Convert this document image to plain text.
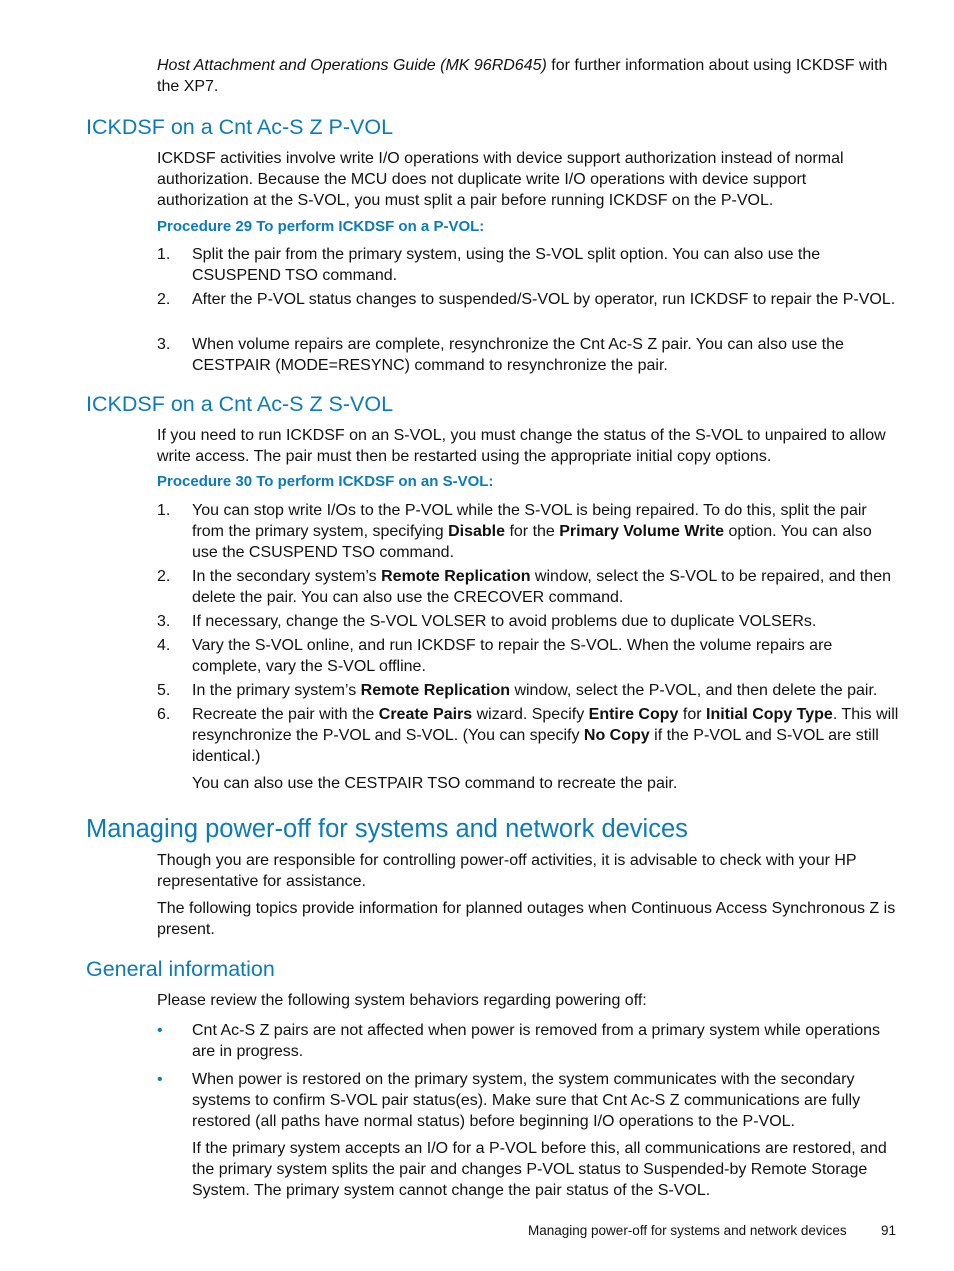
Host Attachment and Operations Guide (MK 96RD645) for further information about using ICKDSF with the XP7.

ICKDSF on a Cnt Ac-S Z P-VOL

ICKDSF activities involve write I/O operations with device support authorization instead of normal authorization. Because the MCU does not duplicate write I/O operations with device support authorization at the S-VOL, you must split a pair before running ICKDSF on the P-VOL.

Procedure 29 To perform ICKDSF on a P-VOL:
1. Split the pair from the primary system, using the S-VOL split option. You can also use the CSUSPEND TSO command.
2. After the P-VOL status changes to suspended/S-VOL by operator, run ICKDSF to repair the P-VOL.
3. When volume repairs are complete, resynchronize the Cnt Ac-S Z pair. You can also use the CESTPAIR (MODE=RESYNC) command to resynchronize the pair.
ICKDSF on a Cnt Ac-S Z S-VOL

If you need to run ICKDSF on an S-VOL, you must change the status of the S-VOL to unpaired to allow write access. The pair must then be restarted using the appropriate initial copy options.

Procedure 30 To perform ICKDSF on an S-VOL:
1. You can stop write I/Os to the P-VOL while the S-VOL is being repaired. To do this, split the pair from the primary system, specifying Disable for the Primary Volume Write option. You can also use the CSUSPEND TSO command.
2. In the secondary system’s Remote Replication window, select the S-VOL to be repaired, and then delete the pair. You can also use the CRECOVER command.
3. If necessary, change the S-VOL VOLSER to avoid problems due to duplicate VOLSERs.
4. Vary the S-VOL online, and run ICKDSF to repair the S-VOL. When the volume repairs are complete, vary the S-VOL offline.
5. In the primary system’s Remote Replication window, select the P-VOL, and then delete the pair.
6. Recreate the pair with the Create Pairs wizard. Specify Entire Copy for Initial Copy Type. This will resynchronize the P-VOL and S-VOL. (You can specify No Copy if the P-VOL and S-VOL are still identical.)

You can also use the CESTPAIR TSO command to recreate the pair.

Managing power-off for systems and network devices

Though you are responsible for controlling power-off activities, it is advisable to check with your HP representative for assistance.

The following topics provide information for planned outages when Continuous Access Synchronous Z is present.

General information

Please review the following system behaviors regarding powering off:

• Cnt Ac-S Z pairs are not affected when power is removed from a primary system while operations are in progress.
• When power is restored on the primary system, the system communicates with the secondary systems to confirm S-VOL pair status(es). Make sure that Cnt Ac-S Z communications are fully restored (all paths have normal status) before beginning I/O operations to the P-VOL.

If the primary system accepts an I/O for a P-VOL before this, all communications are restored, and the primary system splits the pair and changes P-VOL status to Suspended-by Remote Storage System. The primary system cannot change the pair status of the S-VOL.

Managing power-off for systems and network devices	91
